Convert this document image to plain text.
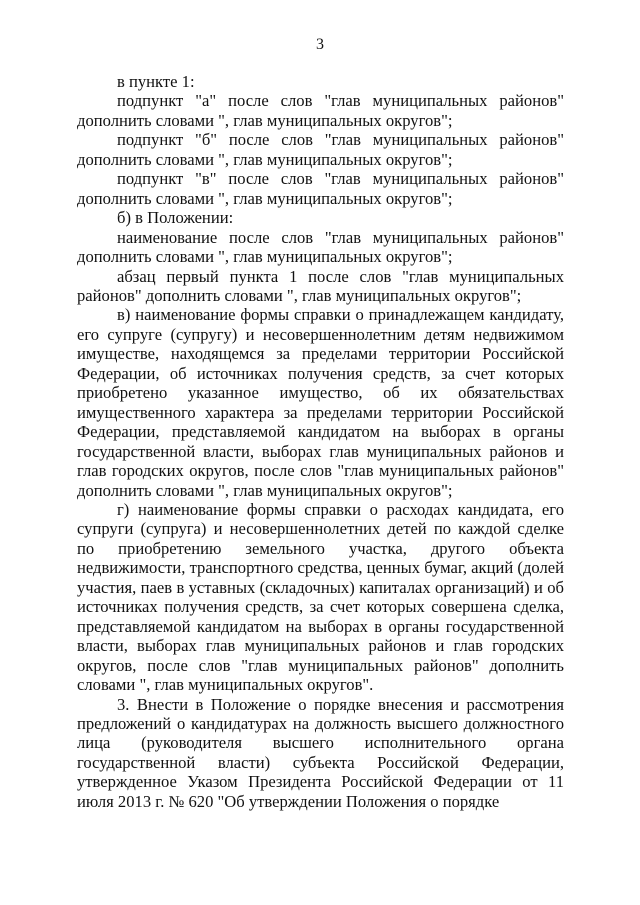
3

в пункте 1:

подпункт "а" после слов "глав муниципальных районов" дополнить словами ", глав муниципальных округов";

подпункт "б" после слов "глав муниципальных районов" дополнить словами ", глав муниципальных округов";

подпункт "в" после слов "глав муниципальных районов" дополнить словами ", глав муниципальных округов";

б) в Положении:

наименование после слов "глав муниципальных районов" дополнить словами ", глав муниципальных округов";

абзац первый пункта 1 после слов "глав муниципальных районов" дополнить словами ", глав муниципальных округов";

в) наименование формы справки о принадлежащем кандидату, его супруге (супругу) и несовершеннолетним детям недвижимом имуществе, находящемся за пределами территории Российской Федерации, об источниках получения средств, за счет которых приобретено указанное имущество, об их обязательствах имущественного характера за пределами территории Российской Федерации, представляемой кандидатом на выборах в органы государственной власти, выборах глав муниципальных районов и глав городских округов, после слов "глав муниципальных районов" дополнить словами ", глав муниципальных округов";

г) наименование формы справки о расходах кандидата, его супруги (супруга) и несовершеннолетних детей по каждой сделке по приобретению земельного участка, другого объекта недвижимости, транспортного средства, ценных бумаг, акций (долей участия, паев в уставных (складочных) капиталах организаций) и об источниках получения средств, за счет которых совершена сделка, представляемой кандидатом на выборах в органы государственной власти, выборах глав муниципальных районов и глав городских округов, после слов "глав муниципальных районов" дополнить словами ", глав муниципальных округов".

3. Внести в Положение о порядке внесения и рассмотрения предложений о кандидатурах на должность высшего должностного лица (руководителя высшего исполнительного органа государственной власти) субъекта Российской Федерации, утвержденное Указом Президента Российской Федерации от 11 июля 2013 г. № 620 "Об утверждении Положения о порядке
